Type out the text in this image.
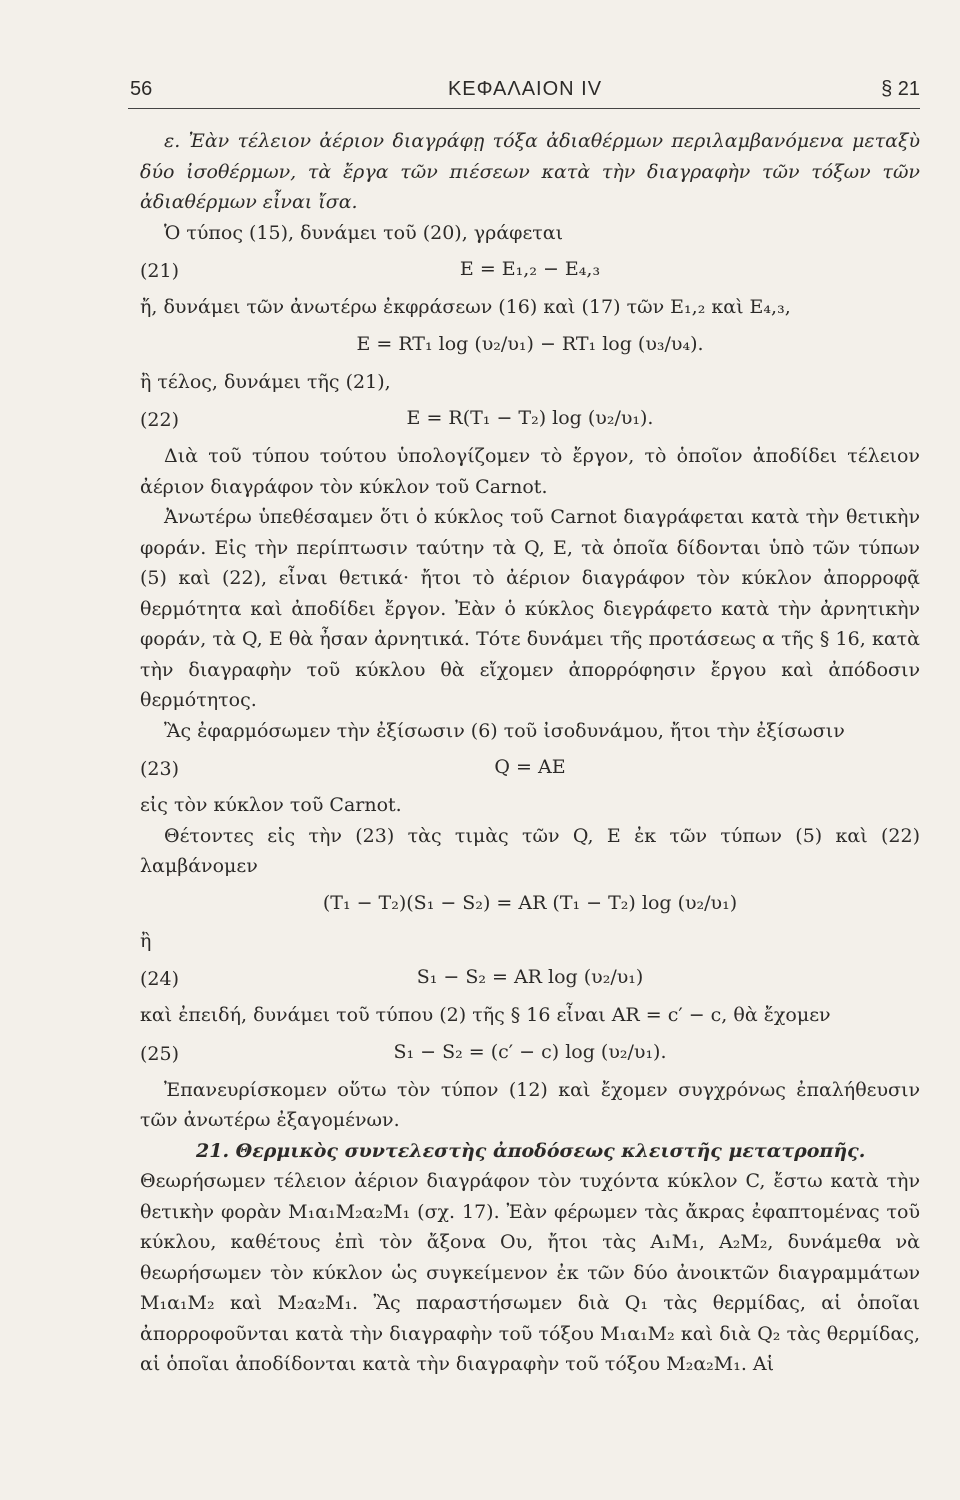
56	ΚΕΦΑΛΑΙΟΝ IV	§ 21

ε. Ἐὰν τέλειον ἀέριον διαγράφῃ τόξα ἀδιαθέρμων περιλαμβανόμενα μεταξὺ δύο ἰσοθέρμων, τὰ ἔργα τῶν πιέσεων κατὰ τὴν διαγραφὴν τῶν τόξων τῶν ἀδιαθέρμων εἶναι ἴσα.

Ὁ τύπος (15), δυνάμει τοῦ (20), γράφεται

(21)	E = E₁,₂ − E₄,₃

ἤ, δυνάμει τῶν ἀνωτέρω ἐκφράσεων (16) καὶ (17) τῶν E₁,₂ καὶ E₄,₃,

E = RT₁ log (υ₂/υ₁) − RT₁ log (υ₃/υ₄).

ἢ τέλος, δυνάμει τῆς (21),

(22)	E = R(T₁ − T₂) log (υ₂/υ₁).

Διὰ τοῦ τύπου τούτου ὑπολογίζομεν τὸ ἔργον, τὸ ὁποῖον ἀποδίδει τέλειον ἀέριον διαγράφον τὸν κύκλον τοῦ Carnot.

Ἀνωτέρω ὑπεθέσαμεν ὅτι ὁ κύκλος τοῦ Carnot διαγράφεται κατὰ τὴν θετικὴν φοράν. Εἰς τὴν περίπτωσιν ταύτην τὰ Q, E, τὰ ὁποῖα δίδονται ὑπὸ τῶν τύπων (5) καὶ (22), εἶναι θετικά· ἤτοι τὸ ἀέριον διαγράφον τὸν κύκλον ἀπορροφᾷ θερμότητα καὶ ἀποδίδει ἔργον. Ἐὰν ὁ κύκλος διεγράφετο κατὰ τὴν ἀρνητικὴν φοράν, τὰ Q, E θὰ ἦσαν ἀρνητικά. Τότε δυνάμει τῆς προτάσεως α τῆς § 16, κατὰ τὴν διαγραφὴν τοῦ κύκλου θὰ εἴχομεν ἀπορρόφησιν ἔργου καὶ ἀπόδοσιν θερμότητος.

Ἂς ἐφαρμόσωμεν τὴν ἐξίσωσιν (6) τοῦ ἰσοδυνάμου, ἤτοι τὴν ἐξίσωσιν

(23)	Q = AE

εἰς τὸν κύκλον τοῦ Carnot.

Θέτοντες εἰς τὴν (23) τὰς τιμὰς τῶν Q, E ἐκ τῶν τύπων (5) καὶ (22) λαμβάνομεν

(T₁ − T₂)(S₁ − S₂) = AR (T₁ − T₂) log (υ₂/υ₁)

ἢ

(24)	S₁ − S₂ = AR log (υ₂/υ₁)

καὶ ἐπειδή, δυνάμει τοῦ τύπου (2) τῆς § 16 εἶναι AR = c′ − c, θὰ ἔχομεν

(25)	S₁ − S₂ = (c′ − c) log (υ₂/υ₁).

Ἐπανευρίσκομεν οὕτω τὸν τύπον (12) καὶ ἔχομεν συγχρόνως ἐπαλήθευσιν τῶν ἀνωτέρω ἐξαγομένων.

21. Θερμικὸς συντελεστὴς ἀποδόσεως κλειστῆς μετατροπῆς.

Θεωρήσωμεν τέλειον ἀέριον διαγράφον τὸν τυχόντα κύκλον C, ἔστω κατὰ τὴν θετικὴν φορὰν M₁α₁M₂α₂M₁ (σχ. 17). Ἐὰν φέρωμεν τὰς ἄκρας ἐφαπτομένας τοῦ κύκλου, καθέτους ἐπὶ τὸν ἄξονα Oυ, ἤτοι τὰς A₁M₁, A₂M₂, δυνάμεθα νὰ θεωρήσωμεν τὸν κύκλον ὡς συγκείμενον ἐκ τῶν δύο ἀνοικτῶν διαγραμμάτων M₁α₁M₂ καὶ M₂α₂M₁. Ἂς παραστήσωμεν διὰ Q₁ τὰς θερμίδας, αἱ ὁποῖαι ἀπορροφοῦνται κατὰ τὴν διαγραφὴν τοῦ τόξου M₁α₁M₂ καὶ διὰ Q₂ τὰς θερμίδας, αἱ ὁποῖαι ἀποδίδονται κατὰ τὴν διαγραφὴν τοῦ τόξου M₂α₂M₁. Αἱ
